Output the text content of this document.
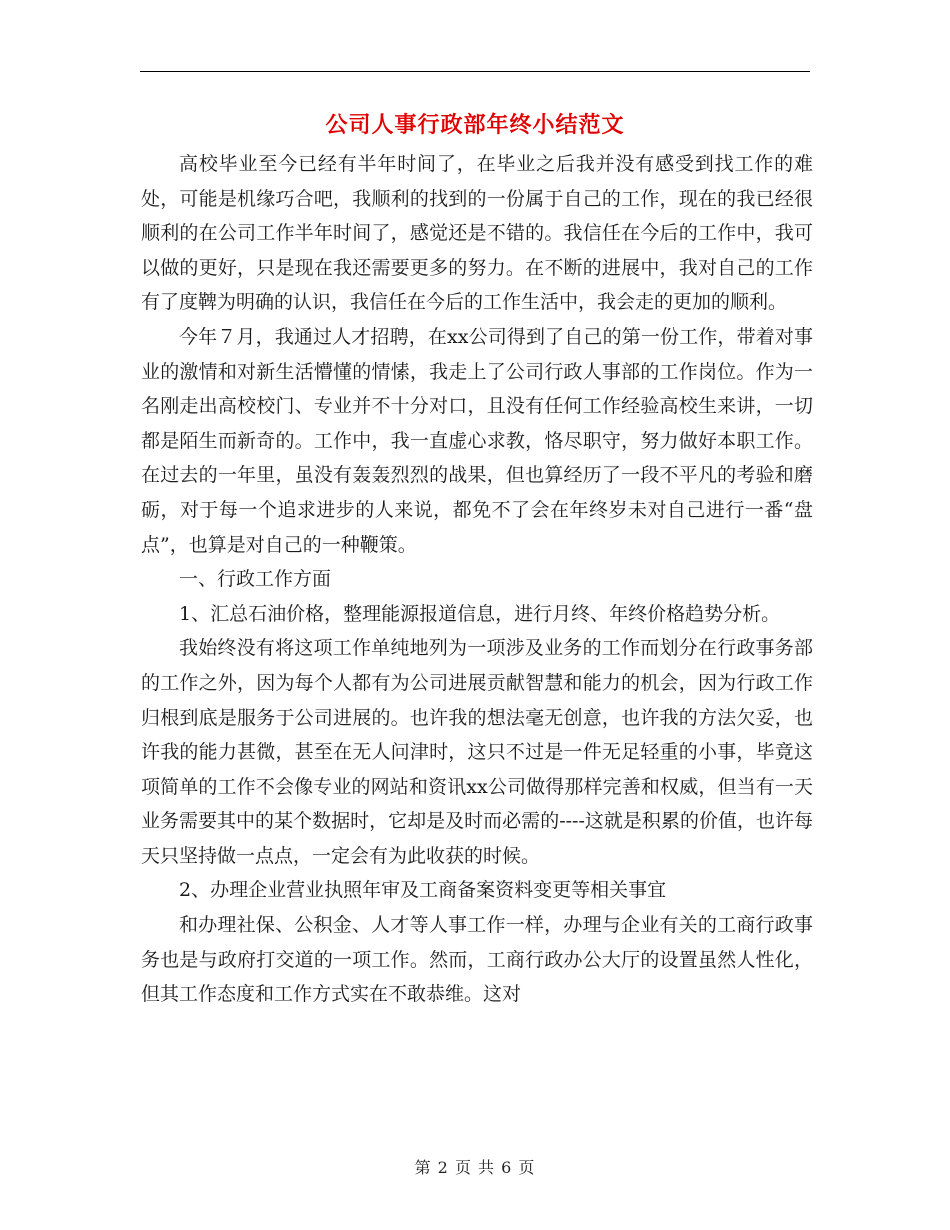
公司人事行政部年终小结范文

高校毕业至今已经有半年时间了，在毕业之后我并没有感受到找工作的难处，可能是机缘巧合吧，我顺利的找到的一份属于自己的工作，现在的我已经很顺利的在公司工作半年时间了，感觉还是不错的。我信任在今后的工作中，我可以做的更好，只是现在我还需要更多的努力。在不断的进展中，我对自己的工作有了度鞞为明确的认识，我信任在今后的工作生活中，我会走的更加的顺利。

今年７月，我通过人才招聘，在xx公司得到了自己的第一份工作，带着对事业的激情和对新生活懵懂的情愫，我走上了公司行政人事部的工作岗位。作为一名刚走出高校校门、专业并不十分对口，且没有任何工作经验高校生来讲，一切都是陌生而新奇的。工作中，我一直虚心求教，恪尽职守，努力做好本职工作。在过去的一年里，虽没有轰轰烈烈的战果，但也算经历了一段不平凡的考验和磨砺，对于每一个追求进步的人来说，都免不了会在年终岁未对自己进行一番“盘点”，也算是对自己的一种鞭策。

一、行政工作方面

1、汇总石油价格，整理能源报道信息，进行月终、年终价格趋势分析。

我始终没有将这项工作单纯地列为一项涉及业务的工作而划分在行政事务部的工作之外，因为每个人都有为公司进展贡献智慧和能力的机会，因为行政工作归根到底是服务于公司进展的。也许我的想法毫无创意，也许我的方法欠妥，也许我的能力甚微，甚至在无人问津时，这只不过是一件无足轻重的小事，毕竟这项简单的工作不会像专业的网站和资讯xx公司做得那样完善和权威，但当有一天业务需要其中的某个数据时，它却是及时而必需的----这就是积累的价值，也许每天只坚持做一点点，一定会有为此收获的时候。

2、办理企业营业执照年审及工商备案资料变更等相关事宜

和办理社保、公积金、人才等人事工作一样，办理与企业有关的工商行政事务也是与政府打交道的一项工作。然而，工商行政办公大厅的设置虽然人性化，但其工作态度和工作方式实在不敢恭维。这对

第 2 页 共 6 页
